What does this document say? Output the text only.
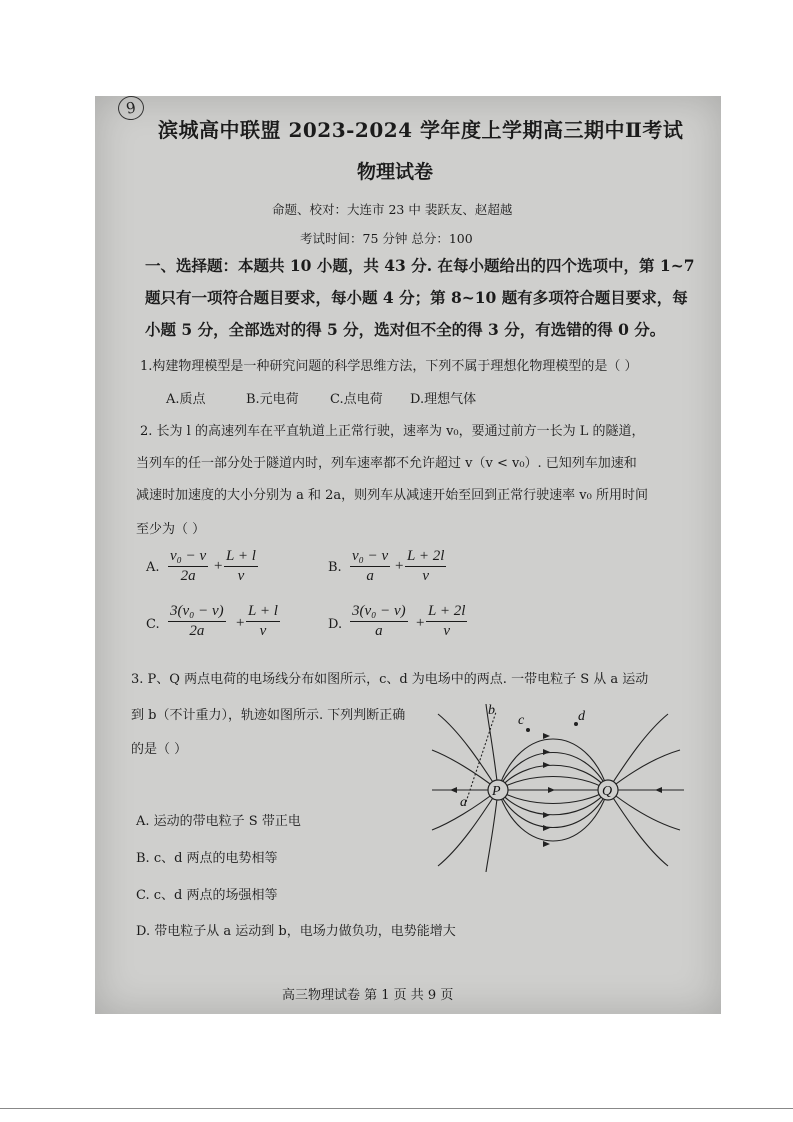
9
滨城高中联盟 2023-2024 学年度上学期高三期中Ⅱ考试
物理试卷
命题、校对：大连市 23 中 裴跃友、赵超越
考试时间：75 分钟 总分：100
一、选择题：本题共 10 小题，共 43 分. 在每小题给出的四个选项中，第 1~7
题只有一项符合题目要求，每小题 4 分；第 8~10 题有多项符合题目要求，每
小题 5 分，全部选对的得 5 分，选对但不全的得 3 分，有选错的得 0 分。
1.构建物理模型是一种研究问题的科学思维方法，下列不属于理想化物理模型的是（ ）
A.质点	B.元电荷 C.点电荷 D.理想气体
2. 长为 l 的高速列车在平直轨道上正常行驶，速率为 v₀，要通过前方一长为 L 的隧道，
当列车的任一部分处于隧道内时，列车速率都不允许超过 v（v < v₀）. 已知列车加速和
减速时加速度的大小分别为 a 和 2a，则列车从减速开始至回到正常行驶速率 v₀ 所用时间
至少为（ ）
A. $\frac{\text{v₀ − v}}{2a} + \frac{L + l}{v}$	B. $\frac{\text{v₀ − v}}{a} + \frac{L + 2l}{v}$
C. $\frac{\text{3(v₀ − v)}}{2a} + \frac{L + l}{v}$	D. $\frac{\text{3(v₀ − v)}}{a} + \frac{L + 2l}{v}$
3. P、Q 两点电荷的电场线分布如图所示，c、d 为电场中的两点. 一带电粒子 S 从 a 运动
到 b（不计重力），轨迹如图所示. 下列判断正确
的是（ ）
P	Q
a
b
c	d
A. 运动的带电粒子 S 带正电
B. c、d 两点的电势相等
C. c、d 两点的场强相等
D. 带电粒子从 a 运动到 b，电场力做负功，电势能增大
高三物理试卷 第 1 页 共 9 页
